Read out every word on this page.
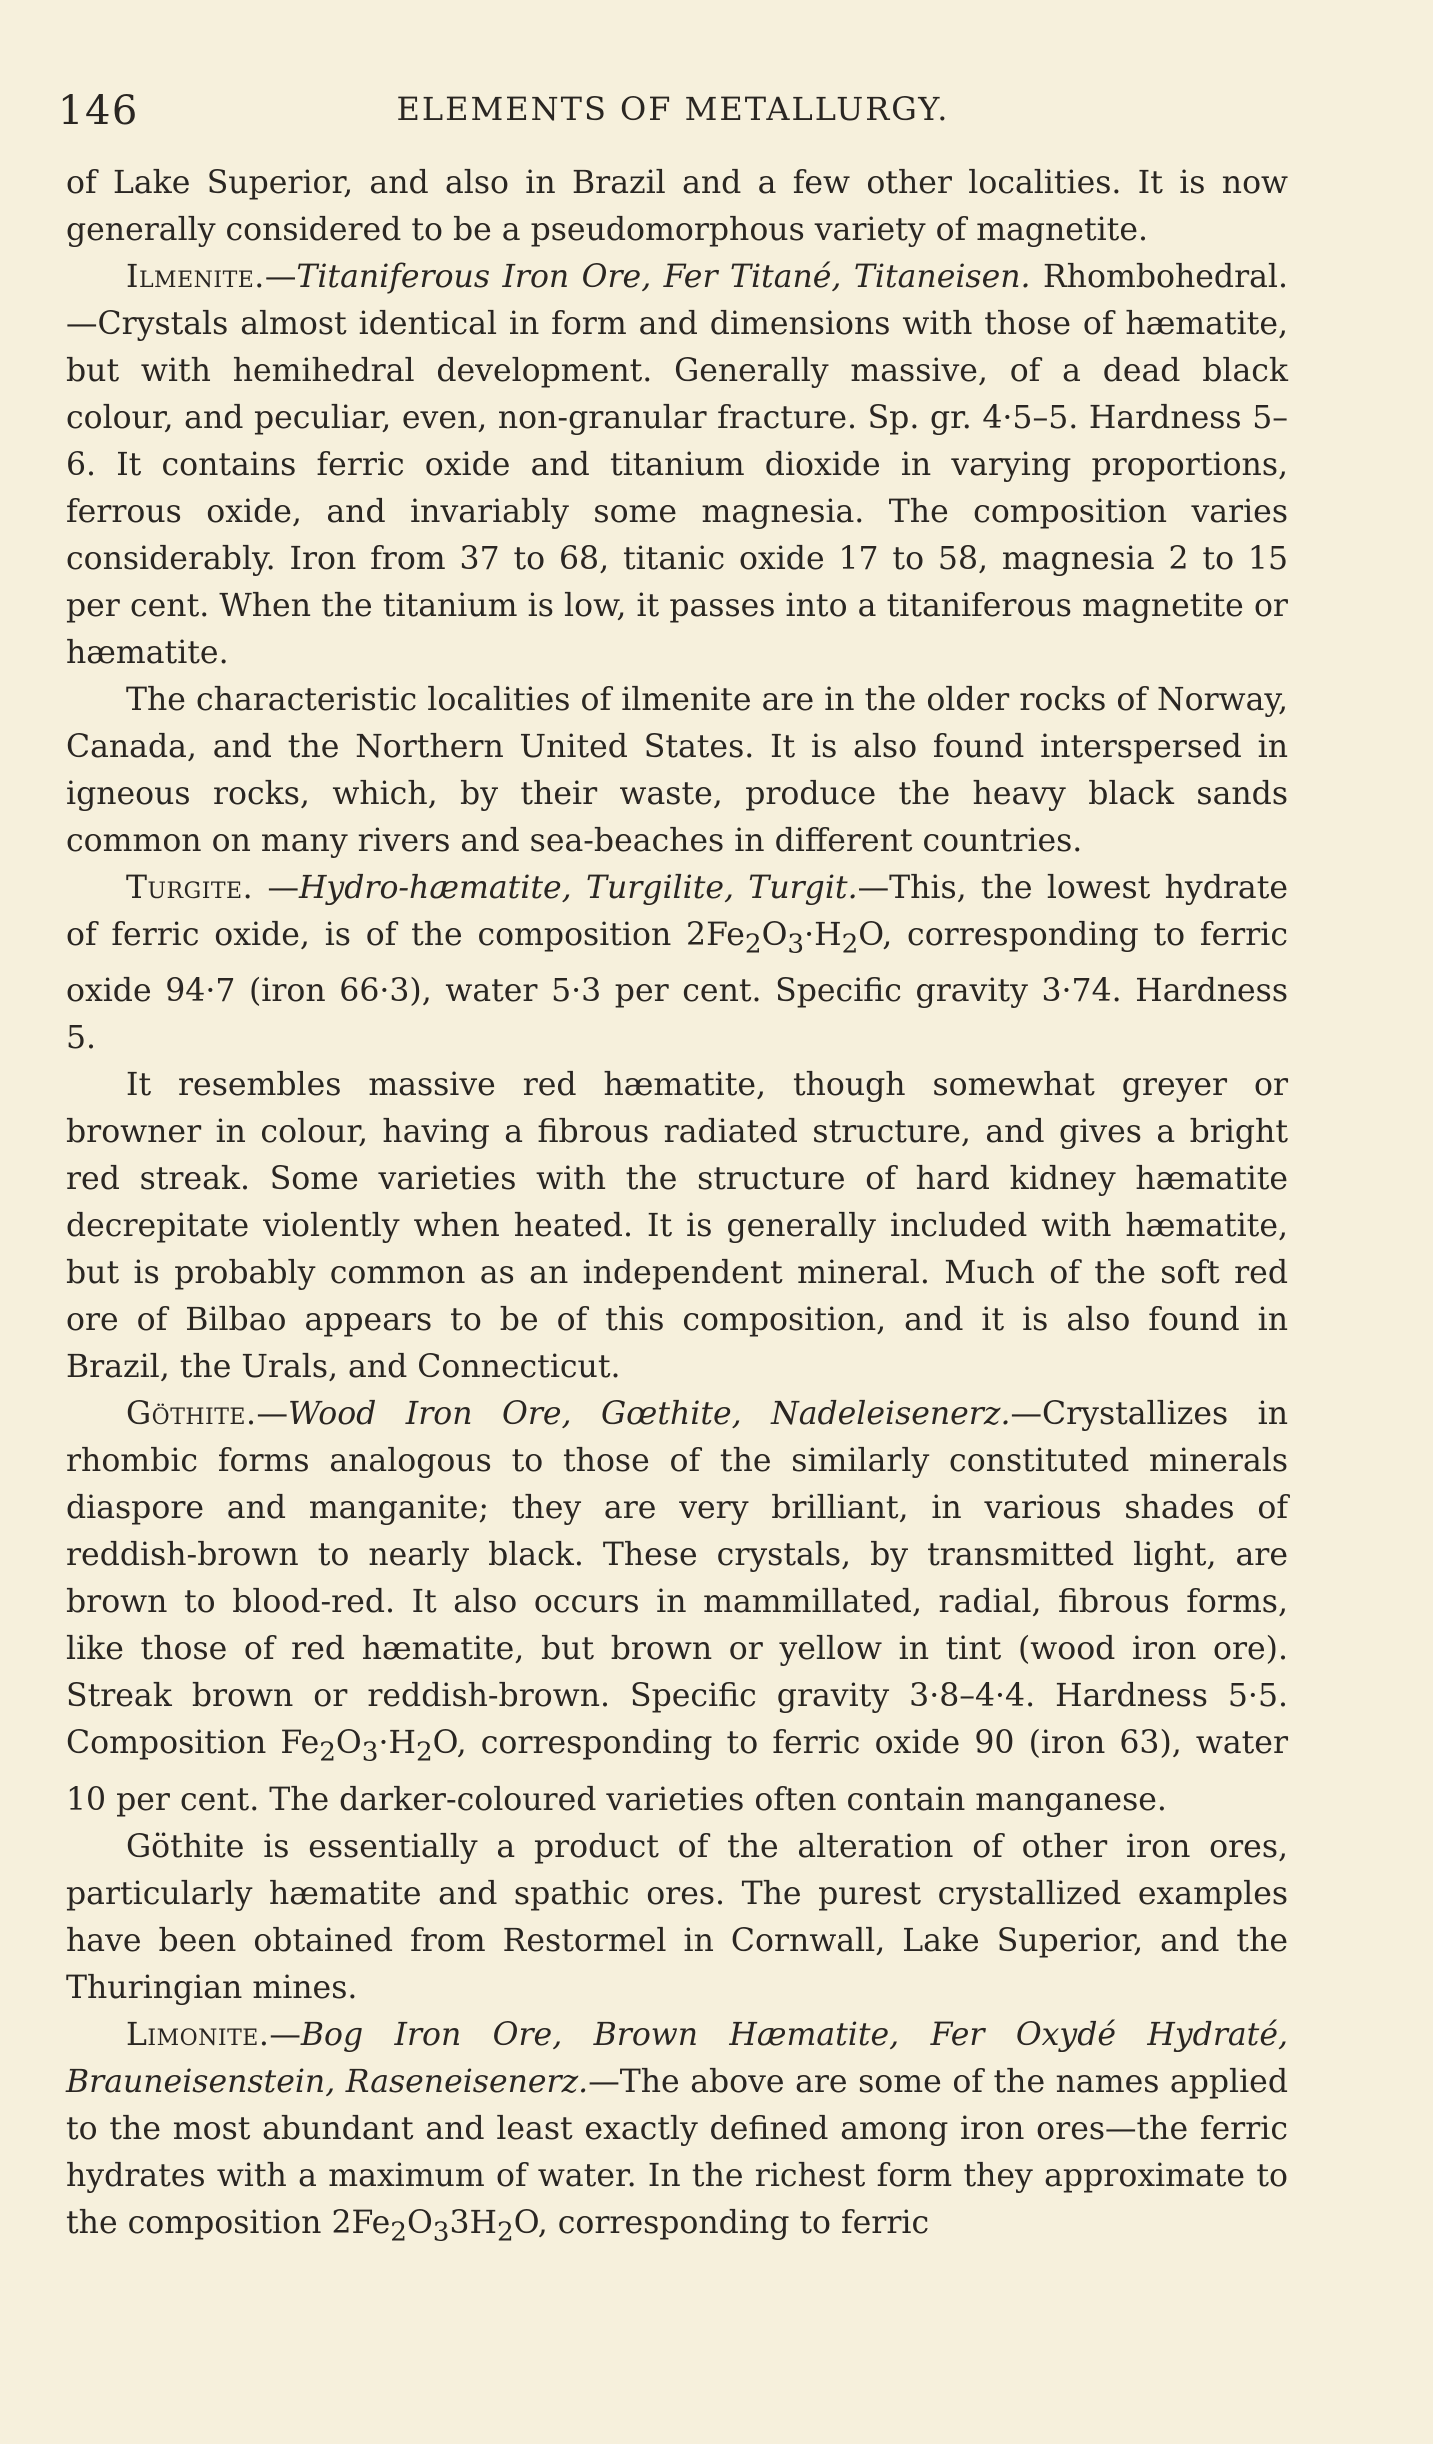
146	ELEMENTS OF METALLURGY.

of Lake Superior, and also in Brazil and a few other localities. It is now generally considered to be a pseudomorphous variety of magnetite.

Ilmenite.—Titaniferous Iron Ore, Fer Titané, Titaneisen. Rhombohedral.—Crystals almost identical in form and dimensions with those of hæmatite, but with hemihedral development. Generally massive, of a dead black colour, and peculiar, even, non-granular fracture. Sp. gr. 4·5–5. Hardness 5–6. It contains ferric oxide and titanium dioxide in varying proportions, ferrous oxide, and invariably some magnesia. The composition varies considerably. Iron from 37 to 68, titanic oxide 17 to 58, magnesia 2 to 15 per cent. When the titanium is low, it passes into a titaniferous magnetite or hæmatite.

The characteristic localities of ilmenite are in the older rocks of Norway, Canada, and the Northern United States. It is also found interspersed in igneous rocks, which, by their waste, produce the heavy black sands common on many rivers and sea-beaches in different countries.

Turgite. —Hydro-hæmatite, Turgilite, Turgit.—This, the lowest hydrate of ferric oxide, is of the composition $2Fe_2O_3\cdot H_2O$, corresponding to ferric oxide 94·7 (iron 66·3), water 5·3 per cent. Specific gravity 3·74. Hardness 5.

It resembles massive red hæmatite, though somewhat greyer or browner in colour, having a fibrous radiated structure, and gives a bright red streak. Some varieties with the structure of hard kidney hæmatite decrepitate violently when heated. It is generally included with hæmatite, but is probably common as an independent mineral. Much of the soft red ore of Bilbao appears to be of this composition, and it is also found in Brazil, the Urals, and Connecticut.

Göthite.—Wood Iron Ore, Gœthite, Nadeleisenerz.—Crystallizes in rhombic forms analogous to those of the similarly constituted minerals diaspore and manganite; they are very brilliant, in various shades of reddish-brown to nearly black. These crystals, by transmitted light, are brown to blood-red. It also occurs in mammillated, radial, fibrous forms, like those of red hæmatite, but brown or yellow in tint (wood iron ore). Streak brown or reddish-brown. Specific gravity 3·8–4·4. Hardness 5·5. Composition $Fe_2O_3\cdot H_2O$, corresponding to ferric oxide 90 (iron 63), water 10 per cent. The darker-coloured varieties often contain manganese.

Göthite is essentially a product of the alteration of other iron ores, particularly hæmatite and spathic ores. The purest crystallized examples have been obtained from Restormel in Cornwall, Lake Superior, and the Thuringian mines.

Limonite.—Bog Iron Ore, Brown Hæmatite, Fer Oxydé Hydraté, Brauneisenstein, Raseneisenerz.—The above are some of the names applied to the most abundant and least exactly defined among iron ores—the ferric hydrates with a maximum of water. In the richest form they approximate to the composition $2Fe_2O_33H_2O$, corresponding to ferric
